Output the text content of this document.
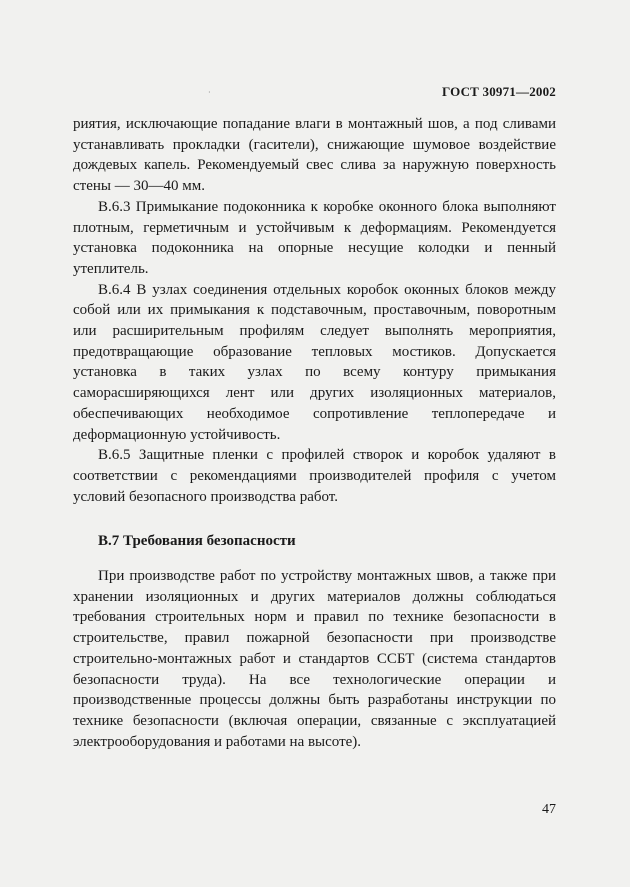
·	ГОСТ 30971—2002

риятия, исключающие попадание влаги в монтажный шов, а под сливами устанавливать прокладки (гасители), снижающие шумовое воздействие дождевых капель. Рекомендуемый свес слива за наружную поверхность стены — 30—40 мм.

В.6.3 Примыкание подоконника к коробке оконного блока выполняют плотным, герметичным и устойчивым к деформациям. Рекомендуется установка подоконника на опорные несущие колодки и пенный утеплитель.

В.6.4 В узлах соединения отдельных коробок оконных блоков между собой или их примыкания к подставочным, проставочным, поворотным или расширительным профилям следует выполнять мероприятия, предотвращающие образование тепловых мостиков. Допускается установка в таких узлах по всему контуру примыкания саморасширяющихся лент или других изоляционных материалов, обеспечивающих необходимое сопротивление теплопередаче и деформационную устойчивость.

В.6.5 Защитные пленки с профилей створок и коробок удаляют в соответствии с рекомендациями производителей профиля с учетом условий безопасного производства работ.

В.7 Требования безопасности

При производстве работ по устройству монтажных швов, а также при хранении изоляционных и других материалов должны соблюдаться требования строительных норм и правил по технике безопасности в строительстве, правил пожарной безопасности при производстве строительно-монтажных работ и стандартов ССБТ (система стандартов безопасности труда). На все технологические операции и производственные процессы должны быть разработаны инструкции по технике безопасности (включая операции, связанные с эксплуатацией электрооборудования и работами на высоте).

47
